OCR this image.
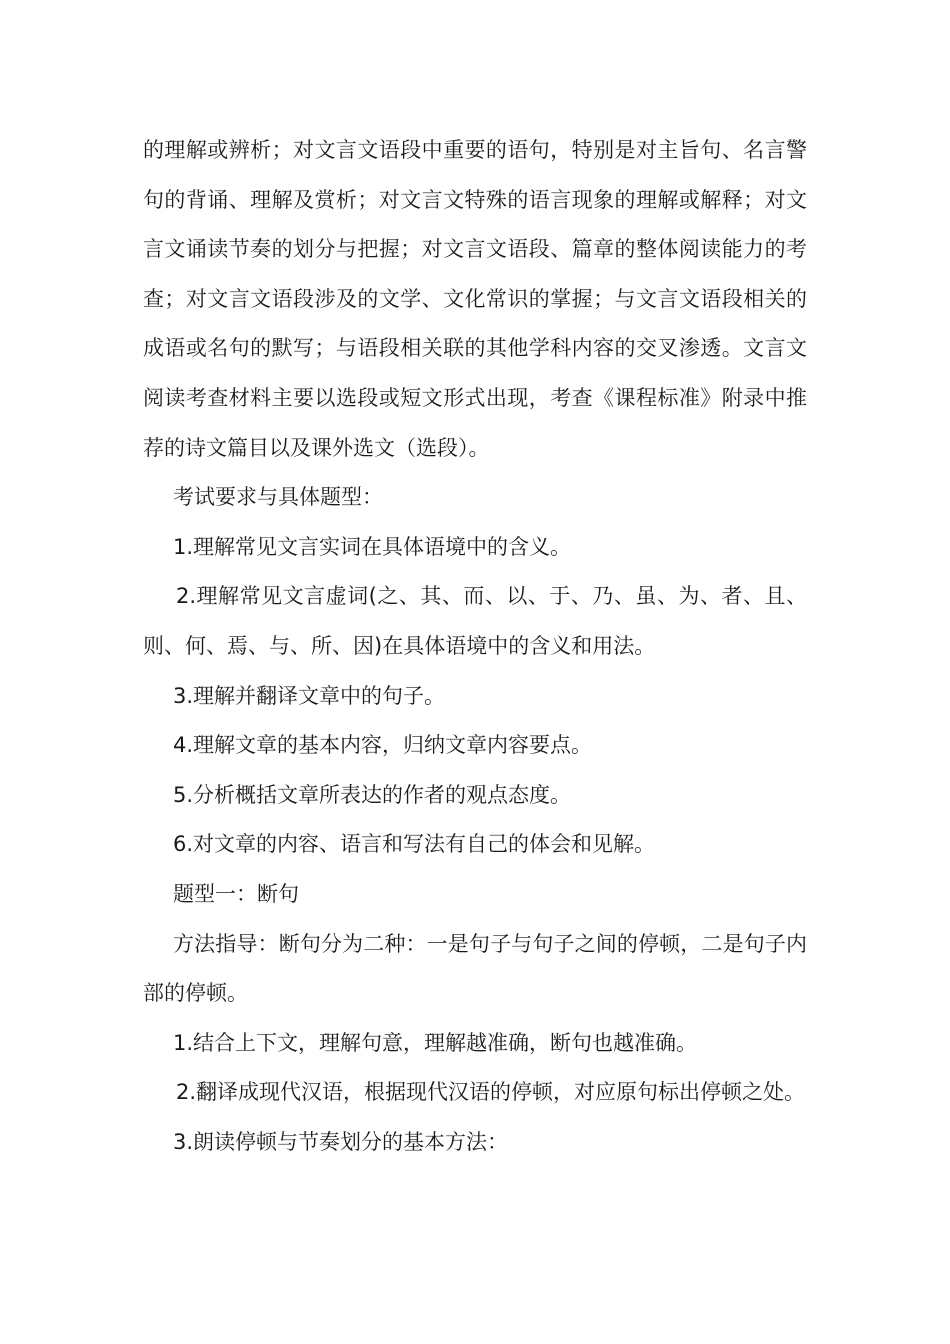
的理解或辨析；对文言文语段中重要的语句，特别是对主旨句、名言警句的背诵、理解及赏析；对文言文特殊的语言现象的理解或解释；对文言文诵读节奏的划分与把握；对文言文语段、篇章的整体阅读能力的考查；对文言文语段涉及的文学、文化常识的掌握；与文言文语段相关的成语或名句的默写；与语段相关联的其他学科内容的交叉渗透。文言文阅读考查材料主要以选段或短文形式出现，考查《课程标准》附录中推荐的诗文篇目以及课外选文（选段）。

考试要求与具体题型：

1.理解常见文言实词在具体语境中的含义。

2.理解常见文言虚词(之、其、而、以、于、乃、虽、为、者、且、则、何、焉、与、所、因)在具体语境中的含义和用法。

3.理解并翻译文章中的句子。

4.理解文章的基本内容，归纳文章内容要点。

5.分析概括文章所表达的作者的观点态度。

6.对文章的内容、语言和写法有自己的体会和见解。

题型一：断句

方法指导：断句分为二种：一是句子与句子之间的停顿，二是句子内部的停顿。

1.结合上下文，理解句意，理解越准确，断句也越准确。

2.翻译成现代汉语，根据现代汉语的停顿，对应原句标出停顿之处。

3.朗读停顿与节奏划分的基本方法：
